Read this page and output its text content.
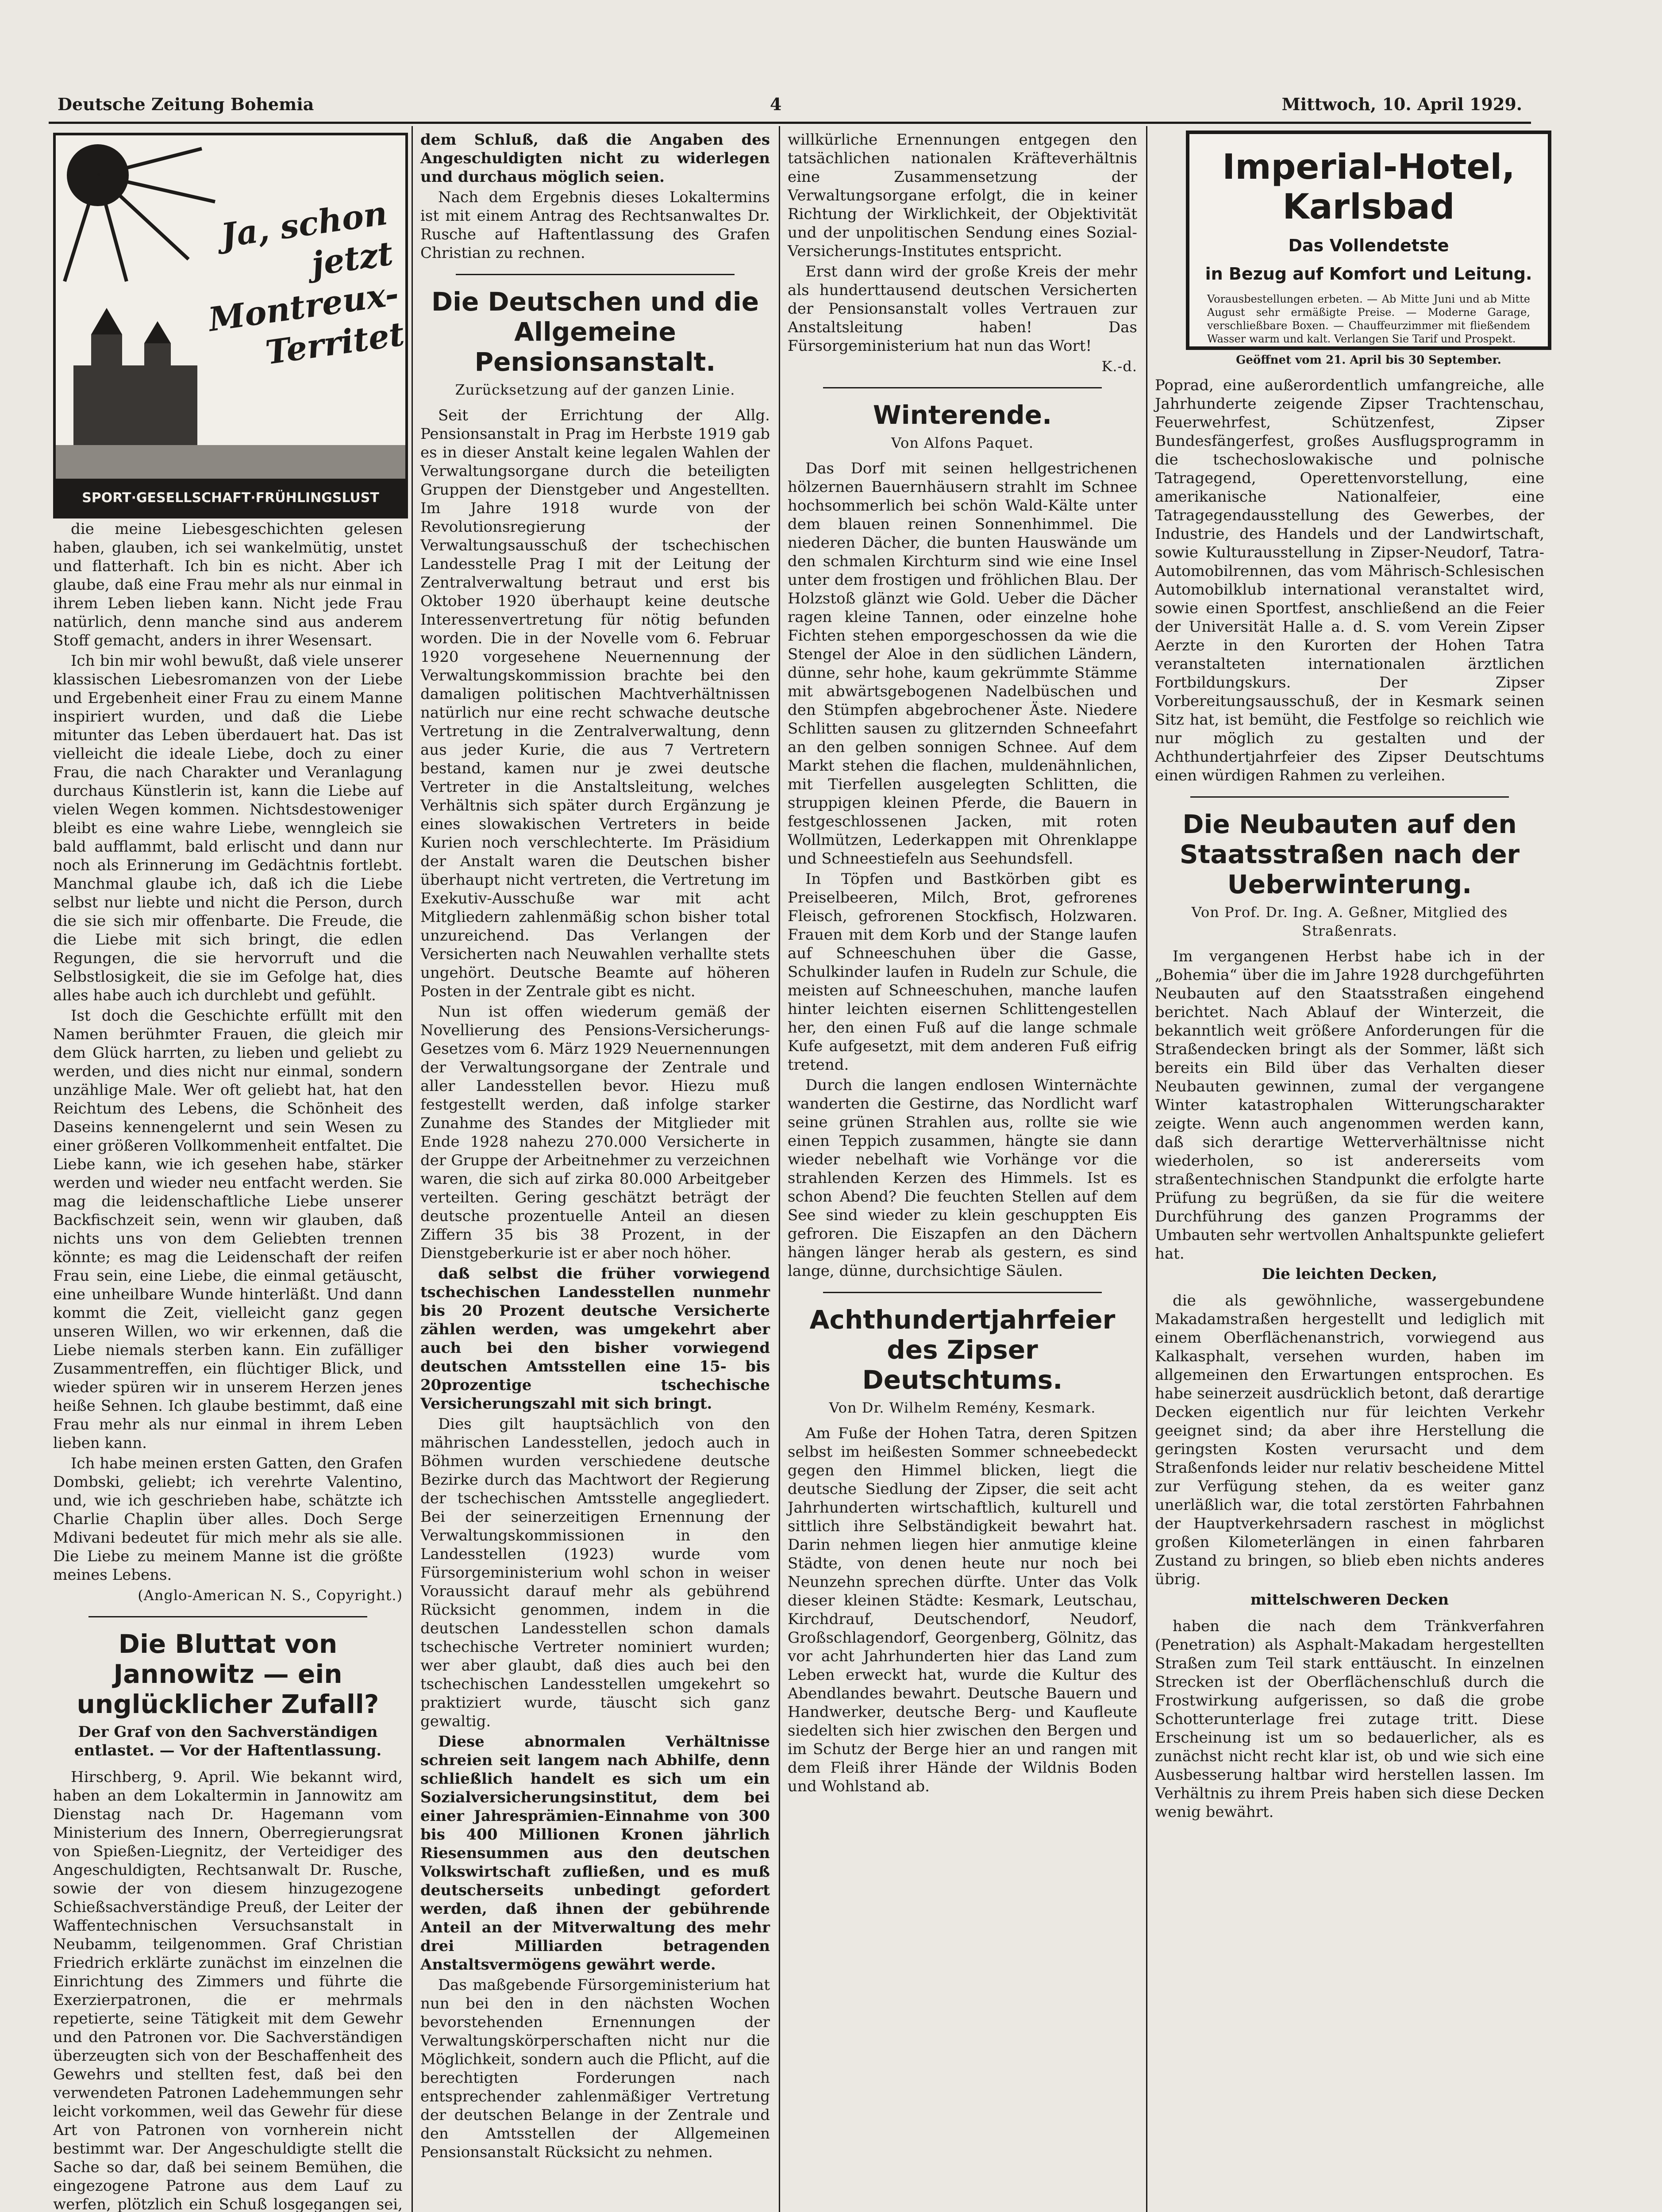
Deutsche Zeitung Bohemia	4	Mittwoch, 10. April 1929.
Ja, schon jetzt Montreux-Territet
SPORT·GESELLSCHAFT·FRÜHLINGSLUST

die meine Liebesgeschichten gelesen haben, glauben, ich sei wankelmütig, unstet und flatterhaft. Ich bin es nicht. Aber ich glaube, daß eine Frau mehr als nur einmal in ihrem Leben lieben kann. Nicht jede Frau natürlich, denn manche sind aus anderem Stoff gemacht, anders in ihrer Wesensart.

Ich bin mir wohl bewußt, daß viele unserer klassischen Liebesromanzen von der Liebe und Ergebenheit einer Frau zu einem Manne inspiriert wurden, und daß die Liebe mitunter das Leben überdauert hat. Das ist vielleicht die ideale Liebe, doch zu einer Frau, die nach Charakter und Veranlagung durchaus Künstlerin ist, kann die Liebe auf vielen Wegen kommen. Nichtsdestoweniger bleibt es eine wahre Liebe, wenngleich sie bald aufflammt, bald erlischt und dann nur noch als Erinnerung im Gedächtnis fortlebt. Manchmal glaube ich, daß ich die Liebe selbst nur liebte und nicht die Person, durch die sie sich mir offenbarte. Die Freude, die die Liebe mit sich bringt, die edlen Regungen, die sie hervorruft und die Selbstlosigkeit, die sie im Gefolge hat, dies alles habe auch ich durchlebt und gefühlt.

Ist doch die Geschichte erfüllt mit den Namen berühmter Frauen, die gleich mir dem Glück harrten, zu lieben und geliebt zu werden, und dies nicht nur einmal, sondern unzählige Male. Wer oft geliebt hat, hat den Reichtum des Lebens, die Schönheit des Daseins kennengelernt und sein Wesen zu einer größeren Vollkommenheit entfaltet. Die Liebe kann, wie ich gesehen habe, stärker werden und wieder neu entfacht werden. Sie mag die leidenschaftliche Liebe unserer Backfischzeit sein, wenn wir glauben, daß nichts uns von dem Geliebten trennen könnte; es mag die Leidenschaft der reifen Frau sein, eine Liebe, die einmal getäuscht, eine unheilbare Wunde hinterläßt. Und dann kommt die Zeit, vielleicht ganz gegen unseren Willen, wo wir erkennen, daß die Liebe niemals sterben kann. Ein zufälliger Zusammentreffen, ein flüchtiger Blick, und wieder spüren wir in unserem Herzen jenes heiße Sehnen. Ich glaube bestimmt, daß eine Frau mehr als nur einmal in ihrem Leben lieben kann.

Ich habe meinen ersten Gatten, den Grafen Dombski, geliebt; ich verehrte Valentino, und, wie ich geschrieben habe, schätzte ich Charlie Chaplin über alles. Doch Serge Mdivani bedeutet für mich mehr als sie alle. Die Liebe zu meinem Manne ist die größte meines Lebens.

(Anglo-American N. S., Copyright.)
Die Bluttat von Jannowitz — ein unglücklicher Zufall?
Der Graf von den Sachverständigen entlastet. — Vor der Haftentlassung.

Hirschberg, 9. April. Wie bekannt wird, haben an dem Lokaltermin in Jannowitz am Dienstag nach Dr. Hagemann vom Ministerium des Innern, Oberregierungsrat von Spießen-Liegnitz, der Verteidiger des Angeschuldigten, Rechtsanwalt Dr. Rusche, sowie der von diesem hinzugezogene Schießsachverständige Preuß, der Leiter der Waffentechnischen Versuchsanstalt in Neubamm, teilgenommen. Graf Christian Friedrich erklärte zunächst im einzelnen die Einrichtung des Zimmers und führte die Exerzierpatronen, die er mehrmals repetierte, seine Tätigkeit mit dem Gewehr und den Patronen vor. Die Sachverständigen überzeugten sich von der Beschaffenheit des Gewehrs und stellten fest, daß bei den verwendeten Patronen Ladehemmungen sehr leicht vorkommen, weil das Gewehr für diese Art von Patronen von vornherein nicht bestimmt war. Der Angeschuldigte stellt die Sache so dar, daß bei seinem Bemühen, die eingezogene Patrone aus dem Lauf zu werfen, plötzlich ein Schuß losgegangen sei,

dem Schluß, daß die Angaben des Angeschuldigten nicht zu widerlegen und durchaus möglich seien.

Nach dem Ergebnis dieses Lokaltermins ist mit einem Antrag des Rechtsanwaltes Dr. Rusche auf Haftentlassung des Grafen Christian zu rechnen.

Die Deutschen und die Allgemeine Pensionsanstalt.
Zurücksetzung auf der ganzen Linie.

Seit der Errichtung der Allg. Pensionsanstalt in Prag im Herbste 1919 gab es in dieser Anstalt keine legalen Wahlen der Verwaltungsorgane durch die beteiligten Gruppen der Dienstgeber und Angestellten. Im Jahre 1918 wurde von der Revolutionsregierung der Verwaltungsausschuß der tschechischen Landesstelle Prag I mit der Leitung der Zentralverwaltung betraut und erst bis Oktober 1920 überhaupt keine deutsche Interessenvertretung für nötig befunden worden. Die in der Novelle vom 6. Februar 1920 vorgesehene Neuernennung der Verwaltungskommission brachte bei den damaligen politischen Machtverhältnissen natürlich nur eine recht schwache deutsche Vertretung in die Zentralverwaltung, denn aus jeder Kurie, die aus 7 Vertretern bestand, kamen nur je zwei deutsche Vertreter in die Anstaltsleitung, welches Verhältnis sich später durch Ergänzung je eines slowakischen Vertreters in beide Kurien noch verschlechterte. Im Präsidium der Anstalt waren die Deutschen bisher überhaupt nicht vertreten, die Vertretung im Exekutiv-Ausschuße war mit acht Mitgliedern zahlenmäßig schon bisher total unzureichend. Das Verlangen der Versicherten nach Neuwahlen verhallte stets ungehört. Deutsche Beamte auf höheren Posten in der Zentrale gibt es nicht.

Nun ist offen wiederum gemäß der Novellierung des Pensions-Versicherungs-Gesetzes vom 6. März 1929 Neuernennungen der Verwaltungsorgane der Zentrale und aller Landesstellen bevor. Hiezu muß festgestellt werden, daß infolge starker Zunahme des Standes der Mitglieder mit Ende 1928 nahezu 270.000 Versicherte in der Gruppe der Arbeitnehmer zu verzeichnen waren, die sich auf zirka 80.000 Arbeitgeber verteilten. Gering geschätzt beträgt der deutsche prozentuelle Anteil an diesen Ziffern 35 bis 38 Prozent, in der Dienstgeberkurie ist er aber noch höher.

daß selbst die früher vorwiegend tschechischen Landesstellen nunmehr bis 20 Prozent deutsche Versicherte zählen werden, was umgekehrt aber auch bei den bisher vorwiegend deutschen Amtsstellen eine 15- bis 20prozentige tschechische Versicherungszahl mit sich bringt.

Dies gilt hauptsächlich von den mährischen Landesstellen, jedoch auch in Böhmen wurden verschiedene deutsche Bezirke durch das Machtwort der Regierung der tschechischen Amtsstelle angegliedert. Bei der seinerzeitigen Ernennung der Verwaltungskommissionen in den Landesstellen (1923) wurde vom Fürsorgeministerium wohl schon in weiser Voraussicht darauf mehr als gebührend Rücksicht genommen, indem in die deutschen Landesstellen schon damals tschechische Vertreter nominiert wurden; wer aber glaubt, daß dies auch bei den tschechischen Landesstellen umgekehrt so praktiziert wurde, täuscht sich ganz gewaltig.

Diese abnormalen Verhältnisse schreien seit langem nach Abhilfe, denn schließlich handelt es sich um ein Sozialversicherungsinstitut, dem bei einer Jahresprämien-Einnahme von 300 bis 400 Millionen Kronen jährlich Riesensummen aus den deutschen Volkswirtschaft zufließen, und es muß deutscherseits unbedingt gefordert werden, daß ihnen der gebührende Anteil an der Mitverwaltung des mehr drei Milliarden betragenden Anstaltsvermögens gewährt werde.

Das maßgebende Fürsorgeministerium hat nun bei den in den nächsten Wochen bevorstehenden Ernennungen der Verwaltungskörperschaften nicht nur die Möglichkeit, sondern auch die Pflicht, auf die berechtigten Forderungen nach entsprechender zahlenmäßiger Vertretung der deutschen Belange in der Zentrale und den Amtsstellen der Allgemeinen Pensionsanstalt Rücksicht zu nehmen.

willkürliche Ernennungen entgegen den tatsächlichen nationalen Kräfteverhältnis eine Zusammensetzung der Verwaltungsorgane erfolgt, die in keiner Richtung der Wirklichkeit, der Objektivität und der unpolitischen Sendung eines Sozial-Versicherungs-Institutes entspricht.

Erst dann wird der große Kreis der mehr als hunderttausend deutschen Versicherten der Pensionsanstalt volles Vertrauen zur Anstaltsleitung haben! Das Fürsorgeministerium hat nun das Wort!

K.-d.
Winterende.
Von Alfons Paquet.

Das Dorf mit seinen hellgestrichenen hölzernen Bauernhäusern strahlt im Schnee hochsommerlich bei schön Wald-Kälte unter dem blauen reinen Sonnenhimmel. Die niederen Dächer, die bunten Hauswände um den schmalen Kirchturm sind wie eine Insel unter dem frostigen und fröhlichen Blau. Der Holzstoß glänzt wie Gold. Ueber die Dächer ragen kleine Tannen, oder einzelne hohe Fichten stehen emporgeschossen da wie die Stengel der Aloe in den südlichen Ländern, dünne, sehr hohe, kaum gekrümmte Stämme mit abwärtsgebogenen Nadelbüschen und den Stümpfen abgebrochener Äste. Niedere Schlitten sausen zu glitzernden Schneefahrt an den gelben sonnigen Schnee. Auf dem Markt stehen die flachen, muldenähnlichen, mit Tierfellen ausgelegten Schlitten, die struppigen kleinen Pferde, die Bauern in festgeschlossenen Jacken, mit roten Wollmützen, Lederkappen mit Ohrenklappe und Schneestiefeln aus Seehundsfell.

In Töpfen und Bastkörben gibt es Preiselbeeren, Milch, Brot, gefrorenes Fleisch, gefrorenen Stockfisch, Holzwaren. Frauen mit dem Korb und der Stange laufen auf Schneeschuhen über die Gasse, Schulkinder laufen in Rudeln zur Schule, die meisten auf Schneeschuhen, manche laufen hinter leichten eisernen Schlittengestellen her, den einen Fuß auf die lange schmale Kufe aufgesetzt, mit dem anderen Fuß eifrig tretend.

Durch die langen endlosen Winternächte wanderten die Gestirne, das Nordlicht warf seine grünen Strahlen aus, rollte sie wie einen Teppich zusammen, hängte sie dann wieder nebelhaft wie Vorhänge vor die strahlenden Kerzen des Himmels. Ist es schon Abend? Die feuchten Stellen auf dem See sind wieder zu klein geschuppten Eis gefroren. Die Eiszapfen an den Dächern hängen länger herab als gestern, es sind lange, dünne, durchsichtige Säulen.

Achthundertjahrfeier des Zipser Deutschtums.
Von Dr. Wilhelm Remény, Kesmark.

Am Fuße der Hohen Tatra, deren Spitzen selbst im heißesten Sommer schneebedeckt gegen den Himmel blicken, liegt die deutsche Siedlung der Zipser, die seit acht Jahrhunderten wirtschaftlich, kulturell und sittlich ihre Selbständigkeit bewahrt hat. Darin nehmen liegen hier anmutige kleine Städte, von denen heute nur noch bei Neunzehn sprechen dürfte. Unter das Volk dieser kleinen Städte: Kesmark, Leutschau, Kirchdrauf, Deutschendorf, Neudorf, Großschlagendorf, Georgenberg, Gölnitz, das vor acht Jahrhunderten hier das Land zum Leben erweckt hat, wurde die Kultur des Abendlandes bewahrt. Deutsche Bauern und Handwerker, deutsche Berg- und Kaufleute siedelten sich hier zwischen den Bergen und im Schutz der Berge hier an und rangen mit dem Fleiß ihrer Hände der Wildnis Boden und Wohlstand ab.

Imperial-Hotel, Karlsbad
Das Vollendetste
in Bezug auf Komfort und Leitung.
Vorausbestellungen erbeten. — Ab Mitte Juni und ab Mitte August sehr ermäßigte Preise. — Moderne Garage, verschließbare Boxen. — Chauffeurzimmer mit fließendem Wasser warm und kalt. Verlangen Sie Tarif und Prospekt.
Geöffnet vom 21. April bis 30 September.

Poprad, eine außerordentlich umfangreiche, alle Jahrhunderte zeigende Zipser Trachtenschau, Feuerwehrfest, Schützenfest, Zipser Bundesfängerfest, großes Ausflugsprogramm in die tschechoslowakische und polnische Tatragegend, Operettenvorstellung, eine amerikanische Nationalfeier, eine Tatragegendausstellung des Gewerbes, der Industrie, des Handels und der Landwirtschaft, sowie Kulturausstellung in Zipser-Neudorf, Tatra-Automobilrennen, das vom Mährisch-Schlesischen Automobilklub international veranstaltet wird, sowie einen Sportfest, anschließend an die Feier der Universität Halle a. d. S. vom Verein Zipser Aerzte in den Kurorten der Hohen Tatra veranstalteten internationalen ärztlichen Fortbildungskurs. Der Zipser Vorbereitungsausschuß, der in Kesmark seinen Sitz hat, ist bemüht, die Festfolge so reichlich wie nur möglich zu gestalten und der Achthundertjahrfeier des Zipser Deutschtums einen würdigen Rahmen zu verleihen.

Die Neubauten auf den Staatsstraßen nach der Ueberwinterung.
Von Prof. Dr. Ing. A. Geßner, Mitglied des Straßenrats.

Im vergangenen Herbst habe ich in der „Bohemia“ über die im Jahre 1928 durchgeführten Neubauten auf den Staatsstraßen eingehend berichtet. Nach Ablauf der Winterzeit, die bekanntlich weit größere Anforderungen für die Straßendecken bringt als der Sommer, läßt sich bereits ein Bild über das Verhalten dieser Neubauten gewinnen, zumal der vergangene Winter katastrophalen Witterungscharakter zeigte. Wenn auch angenommen werden kann, daß sich derartige Wetterverhältnisse nicht wiederholen, so ist andererseits vom straßentechnischen Standpunkt die erfolgte harte Prüfung zu begrüßen, da sie für die weitere Durchführung des ganzen Programms der Umbauten sehr wertvollen Anhaltspunkte geliefert hat.

Die leichten Decken,

die als gewöhnliche, wassergebundene Makadamstraßen hergestellt und lediglich mit einem Oberflächenanstrich, vorwiegend aus Kalkasphalt, versehen wurden, haben im allgemeinen den Erwartungen entsprochen. Es habe seinerzeit ausdrücklich betont, daß derartige Decken eigentlich nur für leichten Verkehr geeignet sind; da aber ihre Herstellung die geringsten Kosten verursacht und dem Straßenfonds leider nur relativ bescheidene Mittel zur Verfügung stehen, da es weiter ganz unerläßlich war, die total zerstörten Fahrbahnen der Hauptverkehrsadern raschest in möglichst großen Kilometerlängen in einen fahrbaren Zustand zu bringen, so blieb eben nichts anderes übrig.

mittelschweren Decken

haben die nach dem Tränkverfahren (Penetration) als Asphalt-Makadam hergestellten Straßen zum Teil stark enttäuscht. In einzelnen Strecken ist der Oberflächenschluß durch die Frostwirkung aufgerissen, so daß die grobe Schotterunterlage frei zutage tritt. Diese Erscheinung ist um so bedauerlicher, als es zunächst nicht recht klar ist, ob und wie sich eine Ausbesserung haltbar wird herstellen lassen. Im Verhältnis zu ihrem Preis haben sich diese Decken wenig bewährt.
